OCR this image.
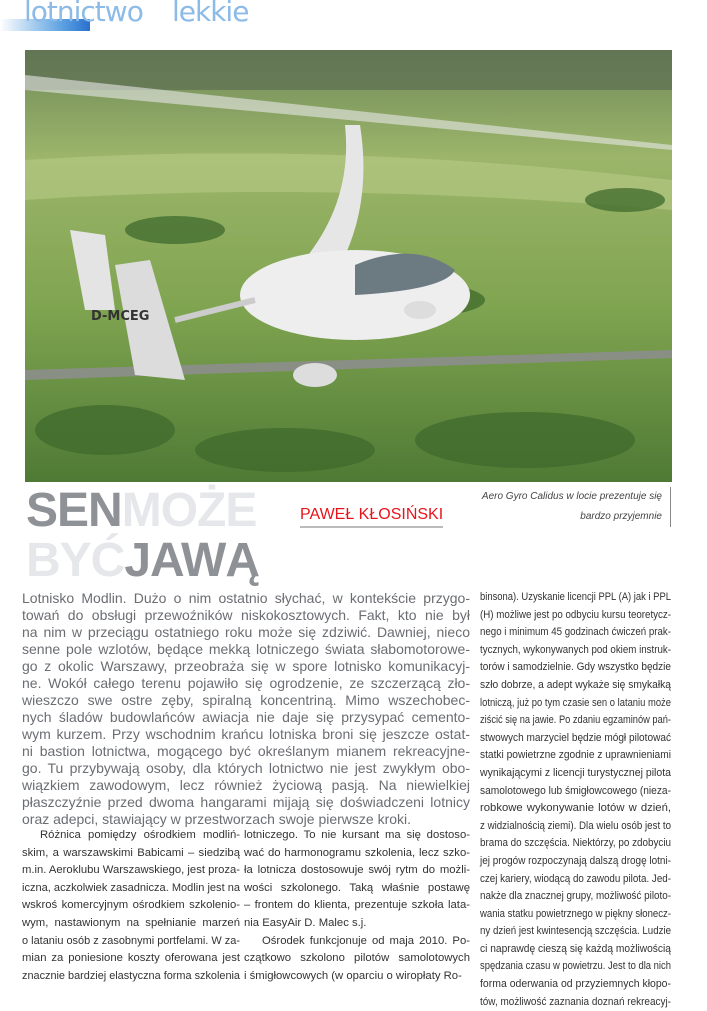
lotnictwo lekkie
D-MCEG
SENMOŻE
BYĆJAWĄ
PAWEŁ KŁOSIŃSKI
Aero Gyro Calidus w locie prezentuje się
bardzo przyjemnie
Lotnisko Modlin. Dużo o nim ostatnio słychać, w kontekście przygo-
towań do obsługi przewoźników niskokosztowych. Fakt, kto nie był
na nim w przeciągu ostatniego roku może się zdziwić. Dawniej, nieco
senne pole wzlotów, będące mekką lotniczego świata słabomotorowe-
go z okolic Warszawy, przeobraża się w spore lotnisko komunikacyj-
ne. Wokół całego terenu pojawiło się ogrodzenie, ze szczerzącą zło-
wieszczo swe ostre zęby, spiralną koncentriną. Mimo wszechobec-
nych śladów budowlańców awiacja nie daje się przysypać cemento-
wym kurzem. Przy wschodnim krańcu lotniska broni się jeszcze ostat-
ni bastion lotnictwa, mogącego być określanym mianem rekreacyjne-
go. Tu przybywają osoby, dla których lotnictwo nie jest zwykłym obo-
wiązkiem zawodowym, lecz również życiową pasją. Na niewielkiej
płaszczyźnie przed dwoma hangarami mijają się doświadczeni lotnicy
oraz adepci, stawiający w przestworzach swoje pierwsze kroki.
Różnica pomiędzy ośrodkiem modliń-
skim, a warszawskimi Babicami – siedzibą
m.in. Aeroklubu Warszawskiego, jest proza-
iczna, aczkolwiek zasadnicza. Modlin jest na
wskroś komercyjnym ośrodkiem szkolenio-
wym, nastawionym na spełnianie marzeń
o lataniu osób z zasobnymi portfelami. W za-
mian za poniesione koszty oferowana jest
znacznie bardziej elastyczna forma szkolenia
lotniczego. To nie kursant ma się dostoso-
wać do harmonogramu szkolenia, lecz szko-
ła lotnicza dostosowuje swój rytm do możli-
wości szkolonego. Taką właśnie postawę
– frontem do klienta, prezentuje szkoła lata-
nia EasyAir D. Malec s.j.
Ośrodek funkcjonuje od maja 2010. Po-
czątkowo szkolono pilotów samolotowych
i śmigłowcowych (w oparciu o wiropłaty Ro-
binsona). Uzyskanie licencji PPL (A) jak i PPL
(H) możliwe jest po odbyciu kursu teoretycz-
nego i minimum 45 godzinach ćwiczeń prak-
tycznych, wykonywanych pod okiem instruk-
torów i samodzielnie. Gdy wszystko będzie
szło dobrze, a adept wykaże się smykałką
lotniczą, już po tym czasie sen o lataniu może
ziścić się na jawie. Po zdaniu egzaminów pań-
stwowych marzyciel będzie mógł pilotować
statki powietrzne zgodnie z uprawnieniami
wynikającymi z licencji turystycznej pilota
samolotowego lub śmigłowcowego (nieza-
robkowe wykonywanie lotów w dzień,
z widzialnością ziemi). Dla wielu osób jest to
brama do szczęścia. Niektórzy, po zdobyciu
jej progów rozpoczynają dalszą drogę lotni-
czej kariery, wiodącą do zawodu pilota. Jed-
nakże dla znacznej grupy, możliwość piloto-
wania statku powietrznego w piękny słonecz-
ny dzień jest kwintesencją szczęścia. Ludzie
ci naprawdę cieszą się każdą możliwością
spędzania czasu w powietrzu. Jest to dla nich
forma oderwania od przyziemnych kłopo-
tów, możliwość zaznania doznań rekreacyj-
